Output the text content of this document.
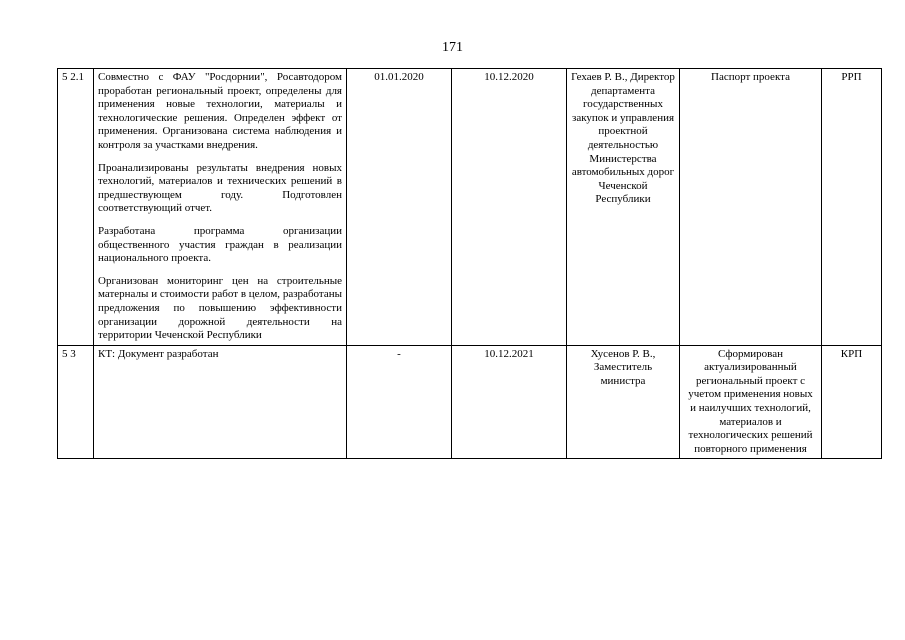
171
5 2.1	Совместно с ФАУ "Росдорнии", Росавтодором проработан региональный проект, определены для применения новые технологии, материалы и технологические решения. Определен эффект от применения. Организована система наблюдения и контроля за участками внедрения.

Проанализированы результаты внедрения новых технологий, материалов и технических решений в предшествующем году. Подготовлен соответствующий отчет.

Разработана программа организации общественного участия граждан в реализации национального проекта.

Организован мониторинг цен на строительные матерналы и стоимости работ в целом, разработаны предложения по повышению эффективности организации дорожной деятельности на территории Чеченской Республики	01.01.2020	10.12.2020	Гехаев Р. В., Директор департамента государственных закупок и управления проектной деятельностью Министерства автомобильных дорог Чеченской Республики	Паспорт проекта	РРП
5 3	КТ: Документ разработан	-	10.12.2021	Хусенов Р. В., Заместитель министра	Сформирован актуализированный региональный проект с учетом применения новых и наилучших технологий, материалов и технологических решений повторного применения	КРП
